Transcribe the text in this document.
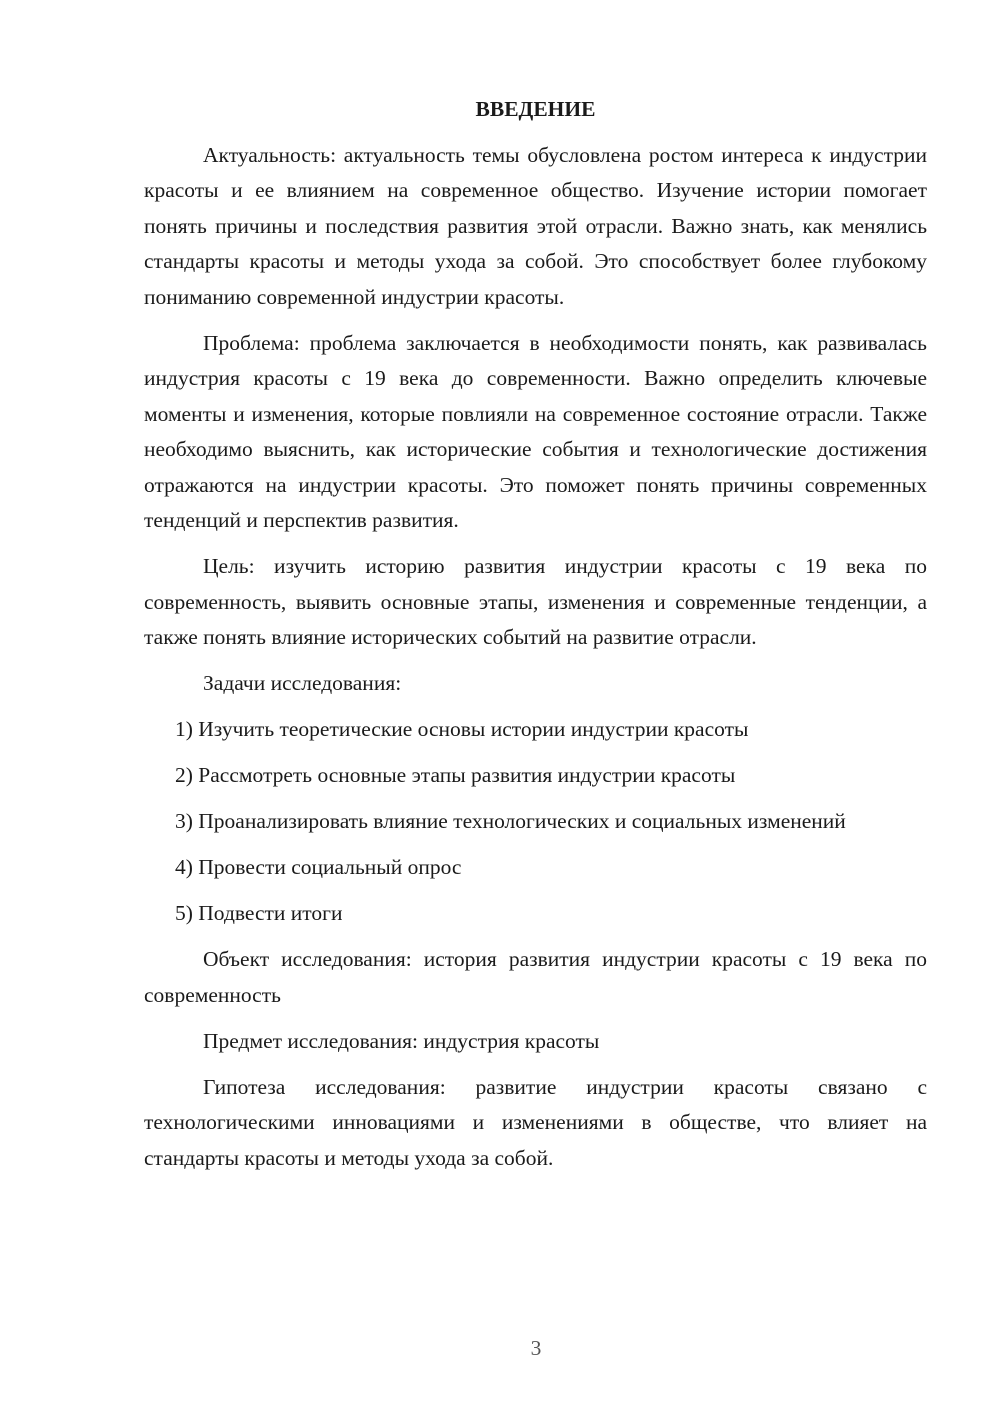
ВВЕДЕНИЕ

Актуальность: актуальность темы обусловлена ростом интереса к индустрии красоты и ее влиянием на современное общество. Изучение истории помогает понять причины и последствия развития этой отрасли. Важно знать, как менялись стандарты красоты и методы ухода за собой. Это способствует более глубокому пониманию современной индустрии красоты.

Проблема: проблема заключается в необходимости понять, как развивалась индустрия красоты с 19 века до современности. Важно определить ключевые моменты и изменения, которые повлияли на современное состояние отрасли. Также необходимо выяснить, как исторические события и технологические достижения отражаются на индустрии красоты. Это поможет понять причины современных тенденций и перспектив развития.

Цель: изучить историю развития индустрии красоты с 19 века по современность, выявить основные этапы, изменения и современные тенденции, а также понять влияние исторических событий на развитие отрасли.

Задачи исследования:

1) Изучить теоретические основы истории индустрии красоты

2) Рассмотреть основные этапы развития индустрии красоты

3) Проанализировать влияние технологических и социальных изменений

4) Провести социальный опрос

5) Подвести итоги

Объект исследования: история развития индустрии красоты с 19 века по современность

Предмет исследования: индустрия красоты

Гипотеза исследования: развитие индустрии красоты связано с технологическими инновациями и изменениями в обществе, что влияет на стандарты красоты и методы ухода за собой.

3
